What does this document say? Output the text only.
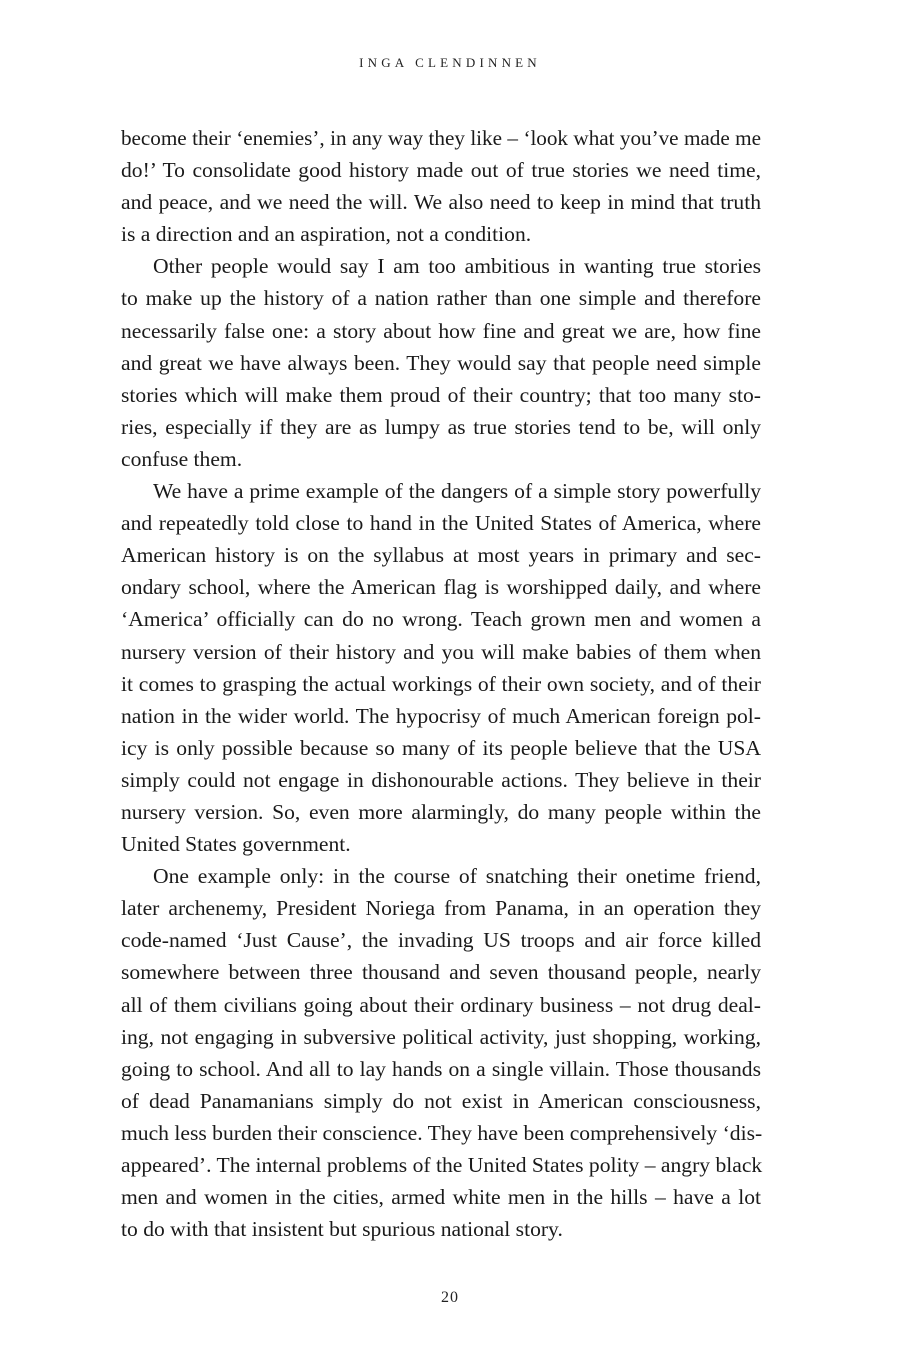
INGA CLENDINNEN
become their ‘enemies’, in any way they like – ‘look what you’ve made me
do!’ To consolidate good history made out of true stories we need time,
and peace, and we need the will. We also need to keep in mind that truth
is a direction and an aspiration, not a condition.
Other people would say I am too ambitious in wanting true stories
to make up the history of a nation rather than one simple and therefore
necessarily false one: a story about how fine and great we are, how fine
and great we have always been. They would say that people need simple
stories which will make them proud of their country; that too many sto-
ries, especially if they are as lumpy as true stories tend to be, will only
confuse them.
We have a prime example of the dangers of a simple story powerfully
and repeatedly told close to hand in the United States of America, where
American history is on the syllabus at most years in primary and sec-
ondary school, where the American flag is worshipped daily, and where
‘America’ officially can do no wrong. Teach grown men and women a
nursery version of their history and you will make babies of them when
it comes to grasping the actual workings of their own society, and of their
nation in the wider world. The hypocrisy of much American foreign pol-
icy is only possible because so many of its people believe that the USA
simply could not engage in dishonourable actions. They believe in their
nursery version. So, even more alarmingly, do many people within the
United States government.
One example only: in the course of snatching their onetime friend,
later archenemy, President Noriega from Panama, in an operation they
code-named ‘Just Cause’, the invading US troops and air force killed
somewhere between three thousand and seven thousand people, nearly
all of them civilians going about their ordinary business – not drug deal-
ing, not engaging in subversive political activity, just shopping, working,
going to school. And all to lay hands on a single villain. Those thousands
of dead Panamanians simply do not exist in American consciousness,
much less burden their conscience. They have been comprehensively ‘dis-
appeared’. The internal problems of the United States polity – angry black
men and women in the cities, armed white men in the hills – have a lot
to do with that insistent but spurious national story.
20
